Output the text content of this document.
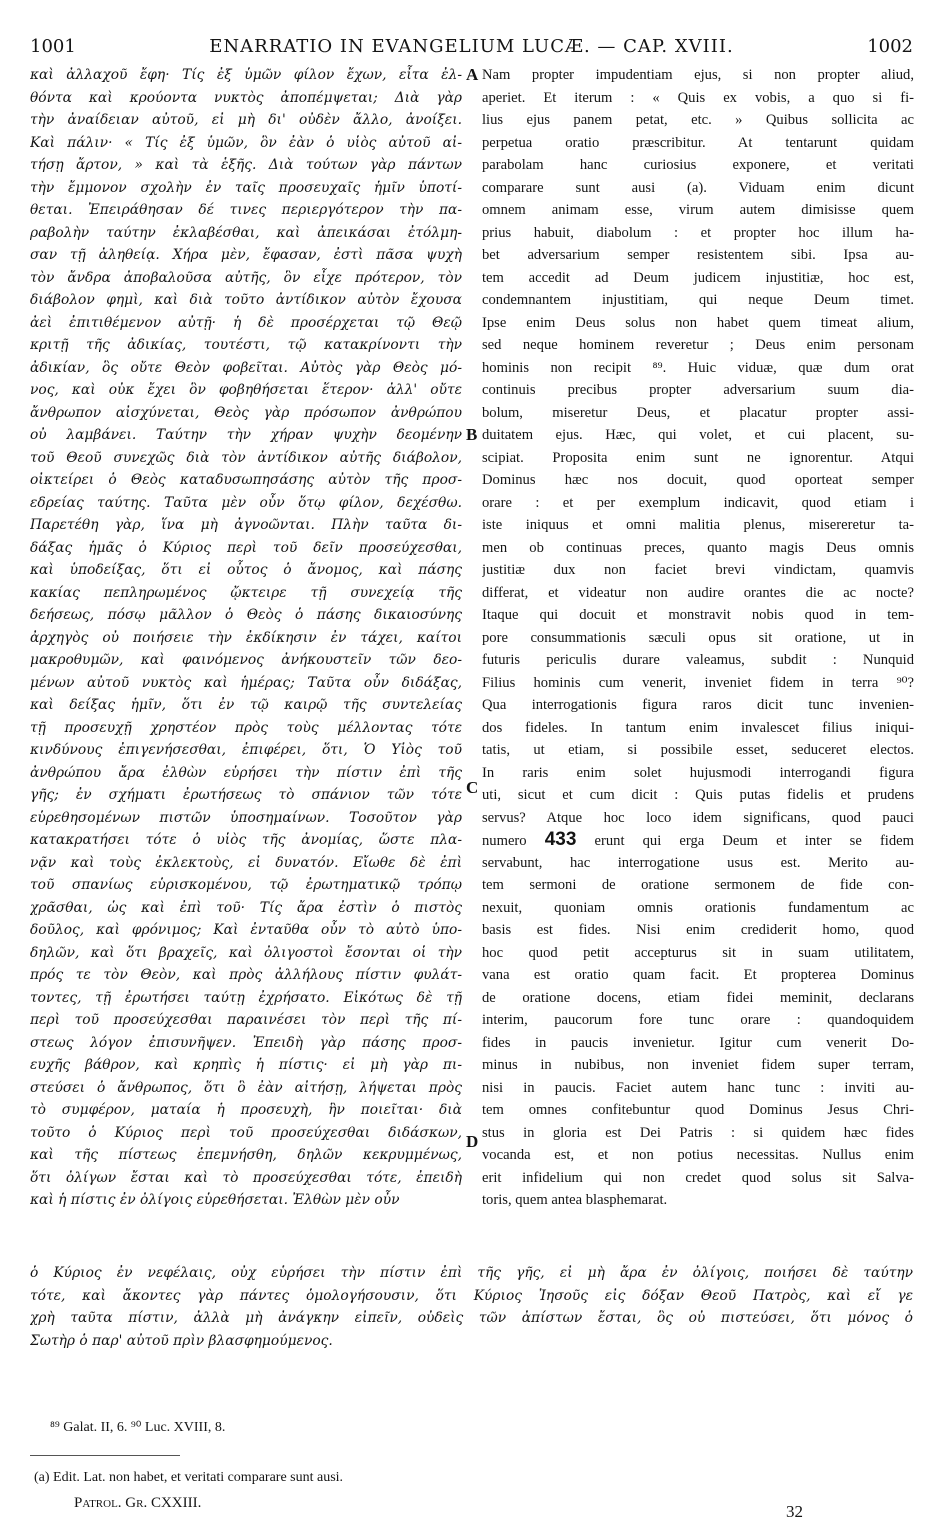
1001	ENARRATIO IN EVANGELIUM LUCÆ. — CAP. XVIII.	1002
καὶ ἀλλαχοῦ ἔφη· Τίς ἐξ ὑμῶν φίλον ἔχων, εἶτα ἐλ-
θόντα καὶ κρούοντα νυκτὸς ἀποπέμψεται; Διὰ γὰρ
τὴν ἀναίδειαν αὐτοῦ, εἰ μὴ δι' οὐδὲν ἄλλο, ἀνοίξει.
Καὶ πάλιν· « Τίς ἐξ ὑμῶν, ὃν ἐὰν ὁ υἱὸς αὐτοῦ αἰ-
τήσῃ ἄρτον, » καὶ τὰ ἑξῆς. Διὰ τούτων γὰρ πάντων
τὴν ἔμμονον σχολὴν ἐν ταῖς προσευχαῖς ἡμῖν ὑποτί-
θεται. Ἐπειράθησαν δέ τινες περιεργότερον τὴν πα-
ραβολὴν ταύτην ἐκλαβέσθαι, καὶ ἀπεικάσαι ἐτόλμη-
σαν τῇ ἀληθείᾳ. Χήρα μὲν, ἔφασαν, ἐστὶ πᾶσα ψυχὴ
τὸν ἄνδρα ἀποβαλοῦσα αὐτῆς, ὃν εἶχε πρότερον, τὸν
διάβολον φημὶ, καὶ διὰ τοῦτο ἀντίδικον αὐτὸν ἔχουσα
ἀεὶ ἐπιτιθέμενον αὐτῇ· ἡ δὲ προσέρχεται τῷ Θεῷ
κριτῇ τῆς ἀδικίας, τουτέστι, τῷ κατακρίνοντι τὴν
ἀδικίαν, ὃς οὔτε Θεὸν φοβεῖται. Αὐτὸς γὰρ Θεὸς μό-
νος, καὶ οὐκ ἔχει ὃν φοβηθήσεται ἕτερον· ἀλλ' οὔτε
ἄνθρωπον αἰσχύνεται, Θεὸς γὰρ πρόσωπον ἀνθρώπου
οὐ λαμβάνει. Ταύτην τὴν χήραν ψυχὴν δεομένην
τοῦ Θεοῦ συνεχῶς διὰ τὸν ἀντίδικον αὐτῆς διάβολον,
οἰκτείρει ὁ Θεὸς καταδυσωπησάσης αὐτὸν τῆς προσ-
εδρείας ταύτης. Ταῦτα μὲν οὖν ὅτῳ φίλον, δεχέσθω.
Παρετέθη γὰρ, ἵνα μὴ ἀγνοῶνται. Πλὴν ταῦτα δι-
δάξας ἡμᾶς ὁ Κύριος περὶ τοῦ δεῖν προσεύχεσθαι,
καὶ ὑποδείξας, ὅτι εἰ οὗτος ὁ ἄνομος, καὶ πάσης
κακίας πεπληρωμένος ᾤκτειρε τῇ συνεχείᾳ τῆς
δεήσεως, πόσῳ μᾶλλον ὁ Θεὸς ὁ πάσης δικαιοσύνης
ἀρχηγὸς οὐ ποιήσειε τὴν ἐκδίκησιν ἐν τάχει, καίτοι
μακροθυμῶν, καὶ φαινόμενος ἀνήκουστεῖν τῶν δεο-
μένων αὐτοῦ νυκτὸς καὶ ἡμέρας; Ταῦτα οὖν διδάξας,
καὶ δείξας ἡμῖν, ὅτι ἐν τῷ καιρῷ τῆς συντελείας
τῇ προσευχῇ χρηστέον πρὸς τοὺς μέλλοντας τότε
κινδύνους ἐπιγενήσεσθαι, ἐπιφέρει, ὅτι, Ὁ Υἱὸς τοῦ
ἀνθρώπου ἄρα ἐλθὼν εὑρήσει τὴν πίστιν ἐπὶ τῆς
γῆς; ἐν σχήματι ἐρωτήσεως τὸ σπάνιον τῶν τότε
εὑρεθησομένων πιστῶν ὑποσημαίνων. Τοσοῦτον γὰρ
κατακρατήσει τότε ὁ υἱὸς τῆς ἀνομίας, ὥστε πλα-
νᾷν καὶ τοὺς ἐκλεκτοὺς, εἰ δυνατόν. Εἴωθε δὲ ἐπὶ
τοῦ σπανίως εὑρισκομένου, τῷ ἐρωτηματικῷ τρόπῳ
χρᾶσθαι, ὡς καὶ ἐπὶ τοῦ· Τίς ἄρα ἐστὶν ὁ πιστὸς
δοῦλος, καὶ φρόνιμος; Καὶ ἐνταῦθα οὖν τὸ αὐτὸ ὑπο-
δηλῶν, καὶ ὅτι βραχεῖς, καὶ ὀλιγοστοὶ ἔσονται οἱ τὴν
πρός τε τὸν Θεὸν, καὶ πρὸς ἀλλήλους πίστιν φυλάτ-
τοντες, τῇ ἐρωτήσει ταύτῃ ἐχρήσατο. Εἰκότως δὲ τῇ
περὶ τοῦ προσεύχεσθαι παραινέσει τὸν περὶ τῆς πί-
στεως λόγον ἐπισυνῆψεν. Ἐπειδὴ γὰρ πάσης προσ-
ευχῆς βάθρον, καὶ κρηπὶς ἡ πίστις· εἰ μὴ γὰρ πι-
στεύσει ὁ ἄνθρωπος, ὅτι ὃ ἐὰν αἰτήσῃ, λήψεται πρὸς
τὸ συμφέρον, ματαία ἡ προσευχὴ, ἣν ποιεῖται· διὰ
τοῦτο ὁ Κύριος περὶ τοῦ προσεύχεσθαι διδάσκων,
καὶ τῆς πίστεως ἐπεμνήσθη, δηλῶν κεκρυμμένως,
ὅτι ὀλίγων ἔσται καὶ τὸ προσεύχεσθαι τότε, ἐπειδὴ
καὶ ἡ πίστις ἐν ὀλίγοις εὑρεθήσεται. Ἐλθὼν μὲν οὖν
Nam propter impudentiam ejus, si non propter aliud,
aperiet. Et iterum : « Quis ex vobis, a quo si fi-
lius ejus panem petat, etc. » Quibus sollicita ac
perpetua oratio præscribitur. At tentarunt quidam
parabolam hanc curiosius exponere, et veritati
comparare sunt ausi (a). Viduam enim dicunt
omnem animam esse, virum autem dimisisse quem
prius habuit, diabolum : et propter hoc illum ha-
bet adversarium semper resistentem sibi. Ipsa au-
tem accedit ad Deum judicem injustitiæ, hoc est,
condemnantem injustitiam, qui neque Deum timet.
Ipse enim Deus solus non habet quem timeat alium,
sed neque hominem reveretur ; Deus enim personam
hominis non recipit ⁸⁹. Huic viduæ, quæ dum orat
continuis precibus propter adversarium suum dia-
bolum, miseretur Deus, et placatur propter assi-
duitatem ejus. Hæc, qui volet, et cui placent, su-
scipiat. Proposita enim sunt ne ignorentur. Atqui
Dominus hæc nos docuit, quod oporteat semper
orare : et per exemplum indicavit, quod etiam i
iste iniquus et omni malitia plenus, misereretur ta-
men ob continuas preces, quanto magis Deus omnis
justitiæ dux non faciet brevi vindictam, quamvis
differat, et videatur non audire orantes die ac nocte?
Itaque qui docuit et monstravit nobis quod in tem-
pore consummationis sæculi opus sit oratione, ut in
futuris periculis durare valeamus, subdit : Nunquid
Filius hominis cum venerit, inveniet fidem in terra ⁹⁰?
Qua interrogationis figura raros dicit tunc invenien-
dos fideles. In tantum enim invalescet filius iniqui-
tatis, ut etiam, si possibile esset, seduceret electos.
In raris enim solet hujusmodi interrogandi figura
uti, sicut et cum dicit : Quis putas fidelis et prudens
servus? Atque hoc loco idem significans, quod pauci
numero 433 erunt qui erga Deum et inter se fidem
servabunt, hac interrogatione usus est. Merito au-
tem sermoni de oratione sermonem de fide con-
nexuit, quoniam omnis orationis fundamentum ac
basis est fides. Nisi enim crediderit homo, quod
hoc quod petit accepturus sit in suam utilitatem,
vana est oratio quam facit. Et propterea Dominus
de oratione docens, etiam fidei meminit, declarans
interim, paucorum fore tunc orare : quandoquidem
fides in paucis invenietur. Igitur cum venerit Do-
minus in nubibus, non inveniet fidem super terram,
nisi in paucis. Faciet autem hanc tunc : inviti au-
tem omnes confitebuntur quod Dominus Jesus Chri-
stus in gloria est Dei Patris : si quidem hæc fides
vocanda est, et non potius necessitas. Nullus enim
erit infidelium qui non credet quod solus sit Salva-
toris, quem antea blasphemarat.
A
B
C
D
ὁ Κύριος ἐν νεφέλαις, οὐχ εὑρήσει τὴν πίστιν ἐπὶ τῆς γῆς, εἰ μὴ ἄρα ἐν ὀλίγοις, ποιήσει δὲ ταύτην
τότε, καὶ ἄκοντες γὰρ πάντες ὁμολογήσουσιν, ὅτι Κύριος Ἰησοῦς εἰς δόξαν Θεοῦ Πατρὸς, καὶ εἴ γε
χρὴ ταῦτα πίστιν, ἀλλὰ μὴ ἀνάγκην εἰπεῖν, οὐδεὶς τῶν ἀπίστων ἔσται, ὃς οὐ πιστεύσει, ὅτι μόνος ὁ
Σωτὴρ ὁ παρ' αὐτοῦ πρὶν βλασφημούμενος.
⁸⁹ Galat. II, 6. ⁹⁰ Luc. XVIII, 8.
(a) Edit. Lat. non habet, et veritati comparare sunt ausi.
Patrol. Gr. CXXIII.	32
